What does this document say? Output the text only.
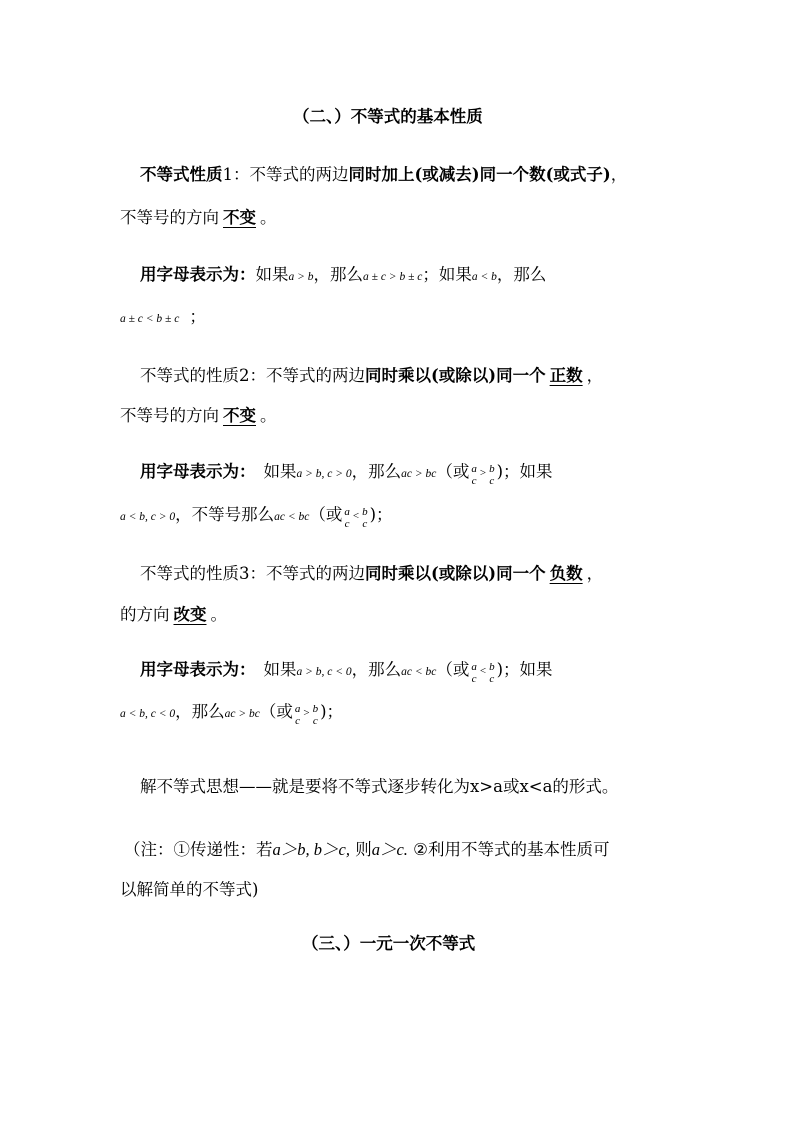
（二、）不等式的基本性质
不等式性质1：不等式的两边同时加上(或减去)同一个数(或式子)，
不等号的方向 不变 。
用字母表示为：如果a > b，那么a ± c > b ± c；如果a < b，那么
a ± c < b ± c ；
不等式的性质2：不等式的两边同时乘以(或除以)同一个 正数 ，
不等号的方向 不变 。
用字母表示为： 如果a > b, c > 0，那么ac > bc（或 a
c
> b
c )；如果
a < b, c > 0，不等号那么ac < bc（或 a
c
< b
c )；
不等式的性质3：不等式的两边同时乘以(或除以)同一个 负数 ，
的方向 改变 。
用字母表示为： 如果a > b, c < 0，那么ac < bc（或 a
c
< b
c )；如果
a < b, c < 0，那么ac > bc（或 a
c
> b
c )；
解不等式思想——就是要将不等式逐步转化为x>a或x<a的形式。
（注：①传递性：若a＞b, b＞c, 则a＞c. ②利用不等式的基本性质可
以解简单的不等式)
（三、）一元一次不等式
